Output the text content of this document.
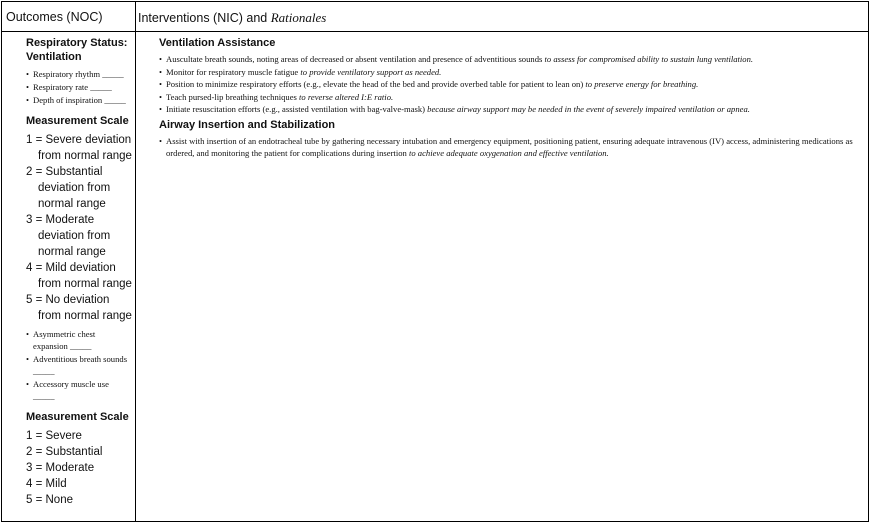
Outcomes (NOC)	Interventions (NIC) and Rationales
Respiratory Status:
Ventilation
• Respiratory rhythm _____
• Respiratory rate _____
• Depth of inspiration _____
Measurement Scale
1 = Severe deviation from normal range
2 = Substantial deviation from normal range
3 = Moderate deviation from normal range
4 = Mild deviation from normal range
5 = No deviation from normal range
• Asymmetric chest expansion _____
• Adventitious breath sounds _____
• Accessory muscle use _____
Measurement Scale
1 = Severe
2 = Substantial
3 = Moderate
4 = Mild
5 = None
Ventilation Assistance
• Auscultate breath sounds, noting areas of decreased or absent ventilation and presence of adventitious sounds to assess for compromised ability to sustain lung ventilation.
• Monitor for respiratory muscle fatigue to provide ventilatory support as needed.
• Position to minimize respiratory efforts (e.g., elevate the head of the bed and provide overbed table for patient to lean on) to preserve energy for breathing.
• Teach pursed-lip breathing techniques to reverse altered I:E ratio.
• Initiate resuscitation efforts (e.g., assisted ventilation with bag-valve-mask) because airway support may be needed in the event of severely impaired ventilation or apnea.
Airway Insertion and Stabilization
• Assist with insertion of an endotracheal tube by gathering necessary intubation and emergency equipment, positioning patient, ensuring adequate intravenous (IV) access, administering medications as ordered, and monitoring the patient for complications during insertion to achieve adequate oxygenation and effective ventilation.
